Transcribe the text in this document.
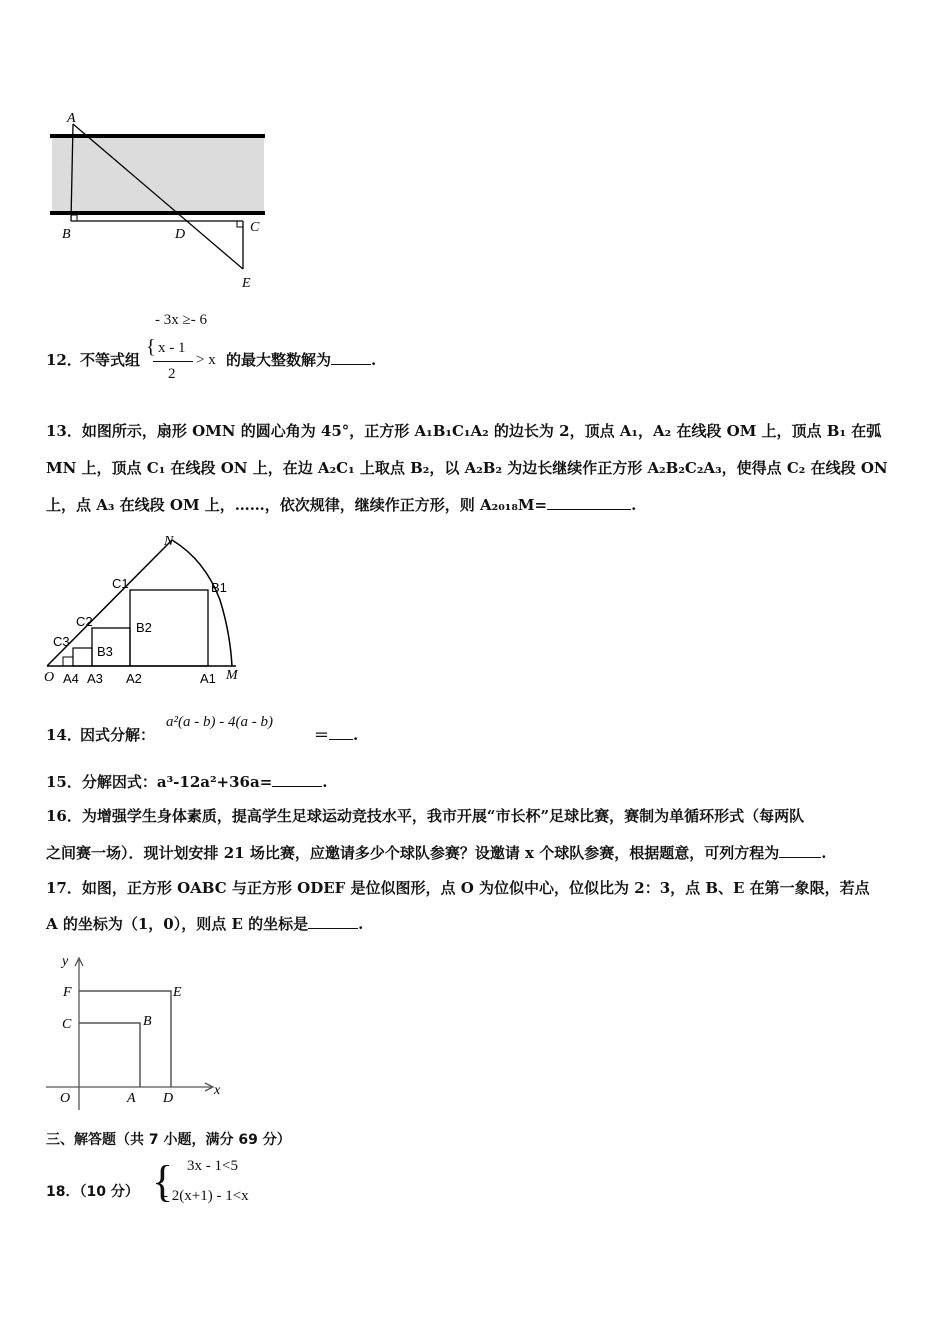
A
B	D	C
E
- 3x ≥- 6
12．
不等式组
{ x - 1
2
> x 的最大整数解为	.
13．如图所示，扇形 OMN 的圆心角为 45°，正方形 A₁B₁C₁A₂ 的边长为 2，顶点 A₁，A₂ 在线段 OM 上，顶点 B₁ 在弧
MN 上，顶点 C₁ 在线段 ON 上，在边 A₂C₁ 上取点 B₂，以 A₂B₂ 为边长继续作正方形 A₂B₂C₂A₃，使得点 C₂ 在线段 ON
上，点 A₃ 在线段 OM 上，……，依次规律，继续作正方形，则 A₂₀₁₈M=	.
N
C1	B1
C2	B2
C3
B3
O A4 A3 A2	A1 M
14．
因式分解：
a²(a - b) - 4(a - b)
＝ .
15．分解因式：a³-12a²+36a=	.
16．为增强学生身体素质，提高学生足球运动竞技水平，我市开展“市长杯”足球比赛，赛制为单循环形式（每两队
之间赛一场）．现计划安排 21 场比赛，应邀请多少个球队参赛？设邀请 x 个球队参赛，根据题意，可列方程为	.
17．如图，正方形 OABC 与正方形 ODEF 是位似图形，点 O 为位似中心，位似比为 2：3，点 B、E 在第一象限，若点
A 的坐标为（1，0），则点 E 的坐标是	.
y
F	E
C	B
O	A D
x
三、解答题（共 7 小题，满分 69 分）
18．（10 分） { 3x - 1<5
- 2(x+1) - 1<x
